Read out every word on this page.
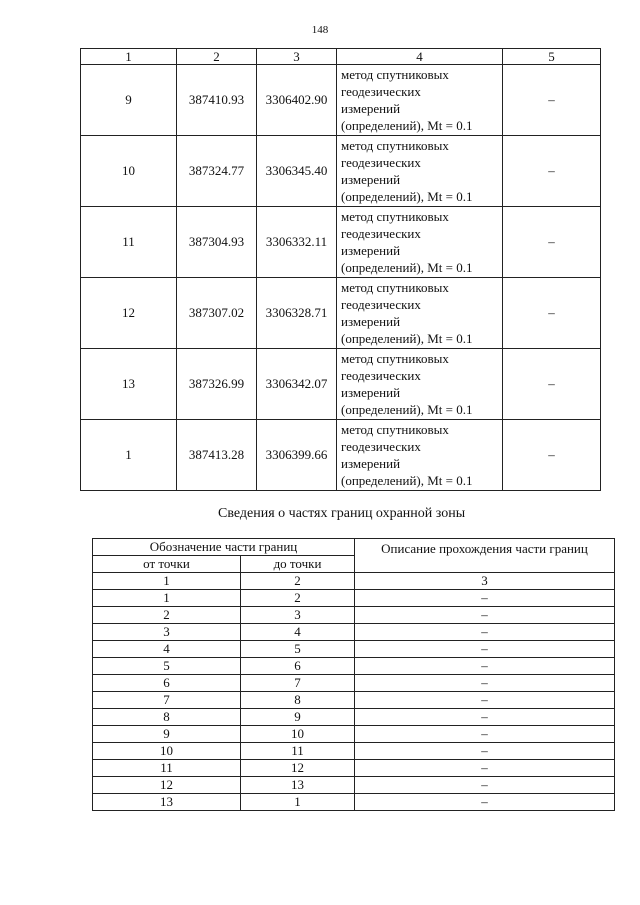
148
1	2	3	4	5
9	387410.93	3306402.90	метод спутниковых
геодезических
измерений
(определений), Mt = 0.1	–
10	387324.77	3306345.40	метод спутниковых
геодезических
измерений
(определений), Mt = 0.1	–
11	387304.93	3306332.11	метод спутниковых
геодезических
измерений
(определений), Mt = 0.1	–
12	387307.02	3306328.71	метод спутниковых
геодезических
измерений
(определений), Mt = 0.1	–
13	387326.99	3306342.07	метод спутниковых
геодезических
измерений
(определений), Mt = 0.1	–
1	387413.28	3306399.66	метод спутниковых
геодезических
измерений
(определений), Mt = 0.1	–
Сведения о частях границ охранной зоны
Обозначение части границ		Описание прохождения части границ
от точки	до точки	
1	2	3
1	2	–
2	3	–
3	4	–
4	5	–
5	6	–
6	7	–
7	8	–
8	9	–
9	10	–
10	11	–
11	12	–
12	13	–
13	1	–
